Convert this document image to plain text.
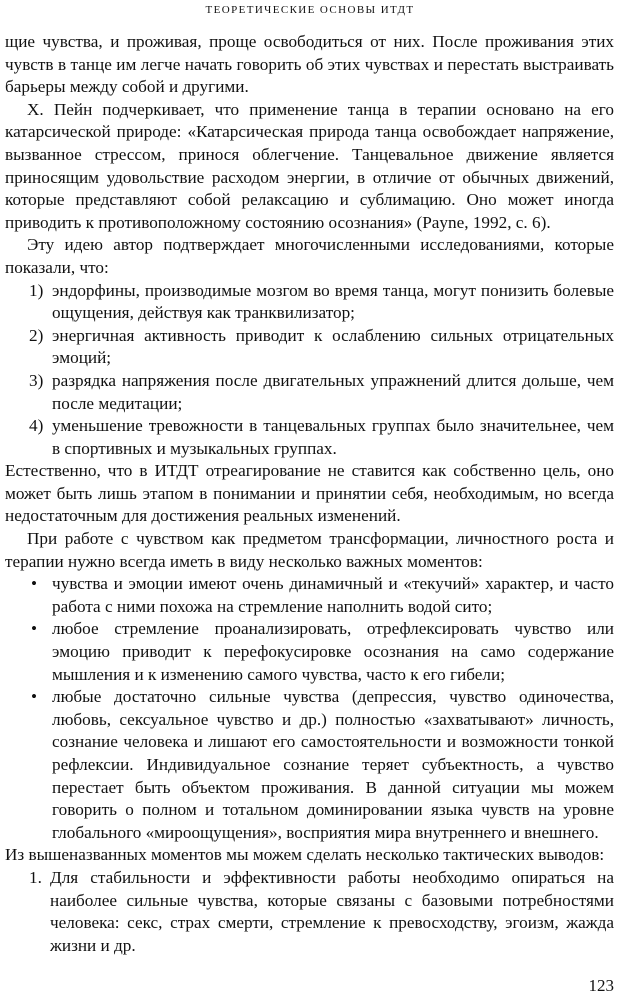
ТЕОРЕТИЧЕСКИЕ ОСНОВЫ ИТДТ

щие чувства, и проживая, проще освободиться от них. После проживания этих чувств в танце им легче начать говорить об этих чувствах и перестать выстраивать барьеры между собой и другими.

Х. Пейн подчеркивает, что применение танца в терапии основано на его катарсической природе: «Катарсическая природа танца освобождает напряжение, вызванное стрессом, принося облегчение. Танцевальное движение является приносящим удовольствие расходом энергии, в отличие от обычных движений, которые представляют собой релаксацию и сублимацию. Оно может иногда приводить к противоположному состоянию осознания» (Payne, 1992, с. 6).

Эту идею автор подтверждает многочисленными исследованиями, которые показали, что:

1) эндорфины, производимые мозгом во время танца, могут понизить болевые ощущения, действуя как транквилизатор;
2) энергичная активность приводит к ослаблению сильных отрицательных эмоций;
3) разрядка напряжения после двигательных упражнений длится дольше, чем после медитации;
4) уменьшение тревожности в танцевальных группах было значительнее, чем в спортивных и музыкальных группах.

Естественно, что в ИТДТ отреагирование не ставится как собственно цель, оно может быть лишь этапом в понимании и принятии себя, необходимым, но всегда недостаточным для достижения реальных изменений.

При работе с чувством как предметом трансформации, личностного роста и терапии нужно всегда иметь в виду несколько важных моментов:

• чувства и эмоции имеют очень динамичный и «текучий» характер, и часто работа с ними похожа на стремление наполнить водой сито;
• любое стремление проанализировать, отрефлексировать чувство или эмоцию приводит к перефокусировке осознания на само содержание мышления и к изменению самого чувства, часто к его гибели;
• любые достаточно сильные чувства (депрессия, чувство одиночества, любовь, сексуальное чувство и др.) полностью «захватывают» личность, сознание человека и лишают его самостоятельности и возможности тонкой рефлексии. Индивидуальное сознание теряет субъектность, а чувство перестает быть объектом проживания. В данной ситуации мы можем говорить о полном и тотальном доминировании языка чувств на уровне глобального «мироощущения», восприятия мира внутреннего и внешнего.

Из вышеназванных моментов мы можем сделать несколько тактических выводов:

1. Для стабильности и эффективности работы необходимо опираться на наиболее сильные чувства, которые связаны с базовыми потребностями человека: секс, страх смерти, стремление к превосходству, эгоизм, жажда жизни и др.
123
